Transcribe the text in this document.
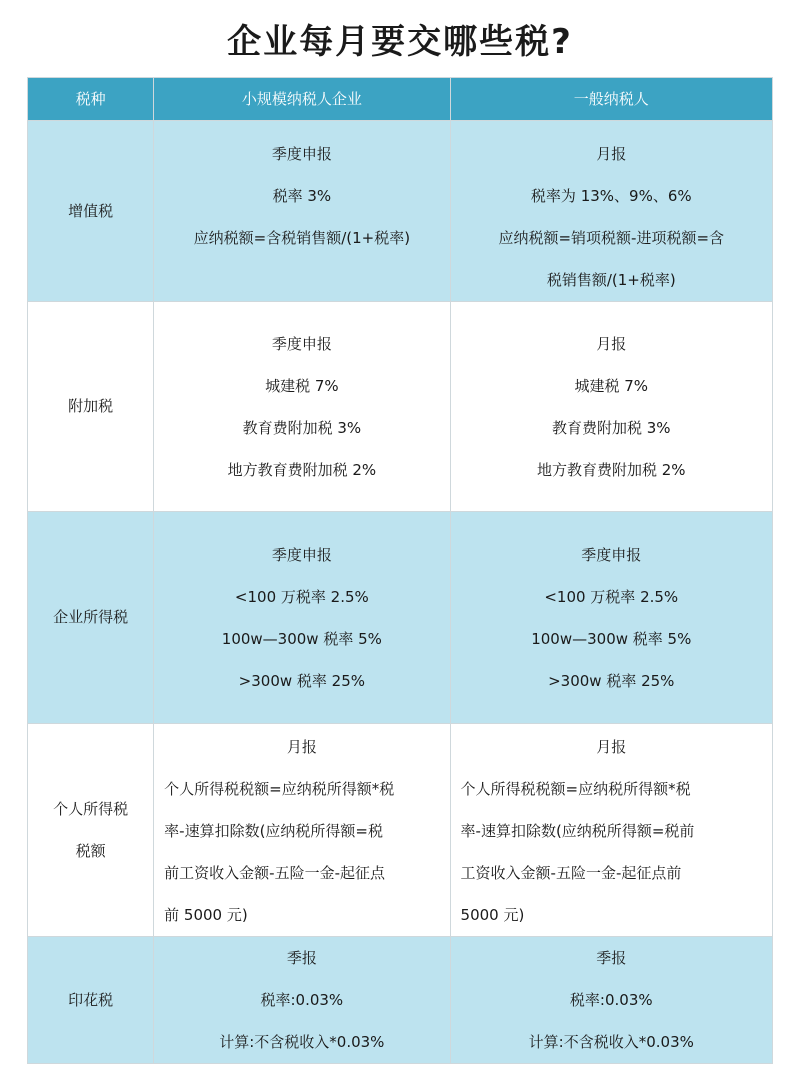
企业每月要交哪些税?
税种	小规模纳税人企业	一般纳税人
增值税	季度申报
税率 3%
应纳税额=含税销售额/(1+税率)	月报
税率为 13%、9%、6%
应纳税额=销项税额-进项税额=含
税销售额/(1+税率)

附加税	季度申报
城建税 7%
教育费附加税 3%
地方教育费附加税 2%	月报
城建税 7%
教育费附加税 3%
地方教育费附加税 2%

企业所得税	季度申报
<100 万税率 2.5%
100w—300w 税率 5%
>300w 税率 25%	季度申报
<100 万税率 2.5%
100w—300w 税率 5%
>300w 税率 25%

个人所得税
税额	月报
个人所得税税额=应纳税所得额*税
率-速算扣除数(应纳税所得额=税
前工资收入金额-五险一金-起征点
前 5000 元)	月报
个人所得税税额=应纳税所得额*税
率-速算扣除数(应纳税所得额=税前
工资收入金额-五险一金-起征点前
5000 元)

印花税	季报
税率:0.03%
计算:不含税收入*0.03%	季报
税率:0.03%
计算:不含税收入*0.03%
